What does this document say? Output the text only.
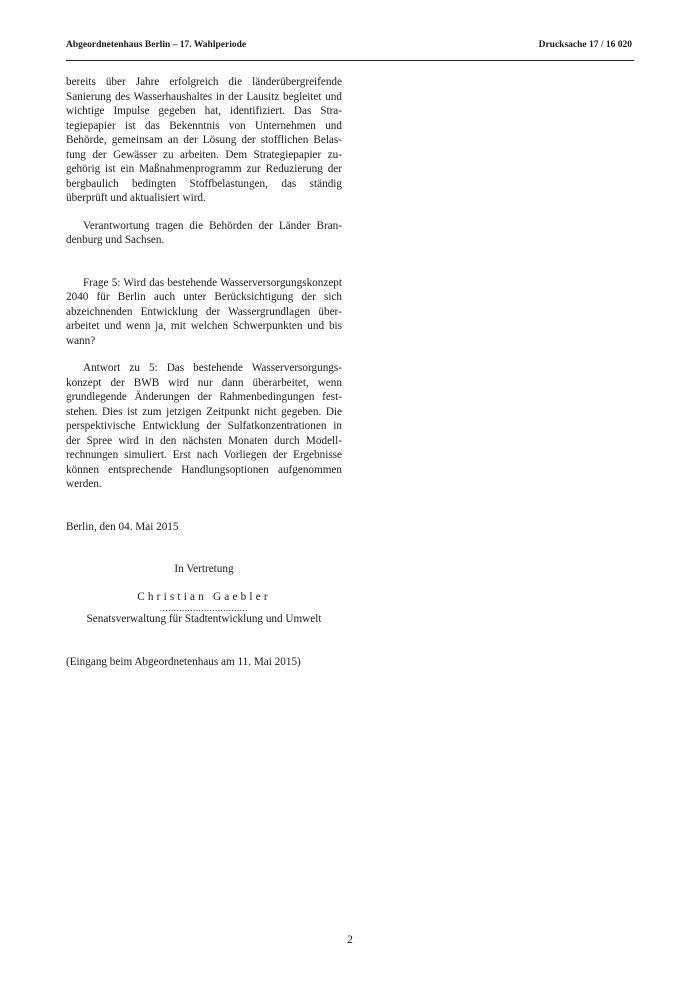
Abgeordnetenhaus Berlin – 17. Wahlperiode	Drucksache 17 / 16 020

bereits über Jahre erfolgreich die länderübergreifende Sanierung des Wasserhaushaltes in der Lausitz begleitet und wichtige Impulse gegeben hat, identifiziert. Das Strategiepapier ist das Bekenntnis von Unternehmen und Behörde, gemeinsam an der Lösung der stofflichen Belastung der Gewässer zu arbeiten. Dem Strategiepapier zugehörig ist ein Maßnahmenprogramm zur Reduzierung der bergbaulich bedingten Stoffbelastungen, das ständig überprüft und aktualisiert wird.

Verantwortung tragen die Behörden der Länder Brandenburg und Sachsen.

Frage 5: Wird das bestehende Wasserversorgungskonzept 2040 für Berlin auch unter Berücksichtigung der sich abzeichnenden Entwicklung der Wassergrundlagen überarbeitet und wenn ja, mit welchen Schwerpunkten und bis wann?

Antwort zu 5: Das bestehende Wasserversorgungskonzept der BWB wird nur dann überarbeitet, wenn grundlegende Änderungen der Rahmenbedingungen feststehen. Dies ist zum jetzigen Zeitpunkt nicht gegeben. Die perspektivische Entwicklung der Sulfatkonzentrationen in der Spree wird in den nächsten Monaten durch Modellrechnungen simuliert. Erst nach Vorliegen der Ergebnisse können entsprechende Handlungsoptionen aufgenommen werden.

Berlin, den 04. Mai 2015

In Vertretung
Christian Gaebler
................................
Senatsverwaltung für Stadtentwicklung und Umwelt

(Eingang beim Abgeordnetenhaus am 11. Mai 2015)

2
